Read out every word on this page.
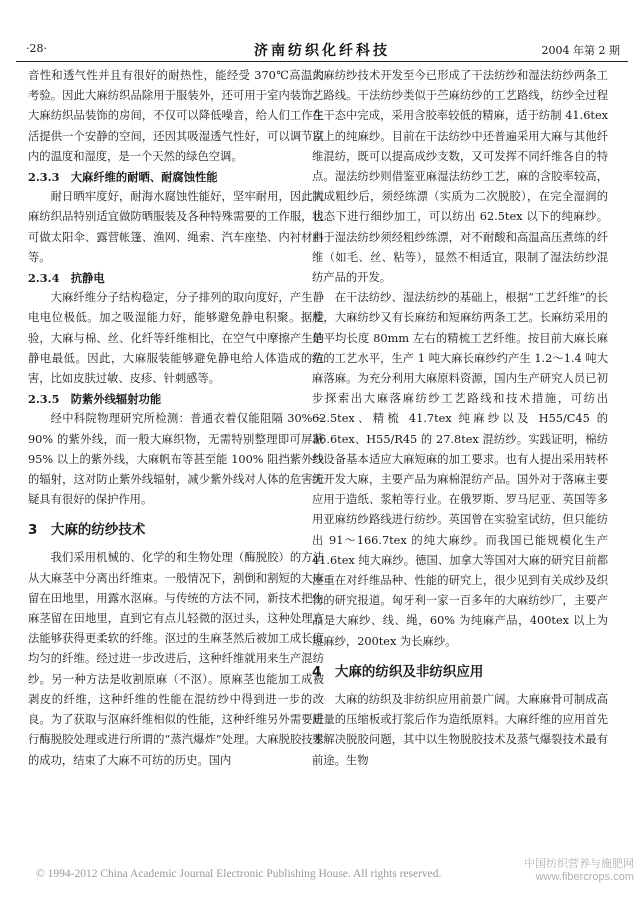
·28·	济南纺织化纤科技	2004 年第 2 期

音性和透气性并且有很好的耐热性，能经受 370℃高温的考验。因此大麻纺织品除用于服装外，还可用于室内装饰。大麻纺织品装饰的房间，不仅可以降低噪音，给人们工作生活提供一个安静的空间，还因其吸湿透气性好，可以调节室内的温度和湿度，是一个天然的绿色空调。

2.3.3　大麻纤维的耐晒、耐腐蚀性能

耐日晒牢度好，耐海水腐蚀性能好，坚牢耐用，因此大麻纺织品特别适宜做防晒服装及各种特殊需要的工作服，也可做太阳伞、露营帐篷、渔网、绳索、汽车座垫、内衬材料等。

2.3.4　抗静电

大麻纤维分子结构稳定，分子排列的取向度好，产生静电电位极低。加之吸湿能力好，能够避免静电积聚。据检验，大麻与棉、丝、化纤等纤维相比，在空气中摩擦产生的静电最低。因此，大麻服装能够避免静电给人体造成的危害，比如皮肤过敏、皮疹、针刺感等。

2.3.5　防紫外线辐射功能

经中科院物理研究所检测：普通衣着仅能阻隔 30%～90% 的紫外线，而一般大麻织物，无需特别整理即可屏蔽 95% 以上的紫外线，大麻帆布等甚至能 100% 阻挡紫外线的辐射，这对防止紫外线辐射，减少紫外线对人体的危害无疑具有很好的保护作用。

3　大麻的纺纱技术

我们采用机械的、化学的和生物处理（酶脱胶）的方法从大麻茎中分离出纤维束。一般情况下，割倒和割短的大麻留在田地里，用露水沤麻。与传统的方法不同，新技术把生麻茎留在田地里，直到它有点儿轻微的沤过头，这种处理方法能够获得更柔软的纤维。沤过的生麻茎然后被加工成长度均匀的纤维。经过进一步改进后，这种纤维就用来生产混纺纱。另一种方法是收割原麻（不沤）。原麻茎也能加工成被剥皮的纤维，这种纤维的性能在混纺纱中得到进一步的改良。为了获取与沤麻纤维相似的性能，这种纤维另外需要进行酶脱胶处理或进行所谓的“蒸汽爆炸”处理。大麻脱胶技术的成功，结束了大麻不可纺的历史。国内

大麻纺纱技术开发至今已形成了干法纺纱和湿法纺纱两条工艺路线。干法纺纱类似于苎麻纺纱的工艺路线，纺纱全过程在干态中完成，采用含胶率较低的精麻，适于纺制 41.6tex 以上的纯麻纱。目前在干法纺纱中还普遍采用大麻与其他纤维混纺，既可以提高成纱支数，又可发挥不同纤维各自的特点。湿法纺纱则借鉴亚麻湿法纺纱工艺，麻的含胶率较高，制成粗纱后，须经练漂（实质为二次脱胶），在完全湿润的状态下进行细纱加工，可以纺出 62.5tex 以下的纯麻纱。由于湿法纺纱须经粗纱练漂，对不耐酸和高温高压煮练的纤维（如毛、丝、粘等），显然不相适宜，限制了湿法纺纱混纺产品的开发。

在干法纺纱、湿法纺纱的基础上，根据“工艺纤维”的长度，大麻纺纱又有长麻纺和短麻纺两条工艺。长麻纺采用的是平均长度 80mm 左右的精梳工艺纤维。按目前大麻长麻纺的工艺水平，生产 1 吨大麻长麻纱约产生 1.2～1.4 吨大麻落麻。为充分利用大麻原料资源，国内生产研究人员已初步探索出大麻落麻纺纱工艺路线和技术措施，可纺出 62.5tex、精梳 41.7tex 纯麻纱以及 H55/C45 的 36.6tex、H55/R45 的 27.8tex 混纺纱。实践证明，棉纺纱设备基本适应大麻短麻的加工要求。也有人提出采用转杯纺开发大麻，主要产品为麻棉混纺产品。国外对于落麻主要应用于造纸、浆粕等行业。在俄罗斯、罗马尼亚、英国等多用亚麻纺纱路线进行纺纱。英国曾在实验室试纺，但只能纺出 91～166.7tex 的纯大麻纱。而我国已能规模化生产 41.6tex 纯大麻纱。德国、加拿大等国对大麻的研究目前都注重在对纤维品种、性能的研究上，很少见到有关成纱及织物的研究报道。匈牙利一家一百多年的大麻纺纱厂，主要产品是大麻纱、线、绳，60% 为纯麻产品，400tex 以上为短麻纱，200tex 为长麻纱。

4　大麻的纺织及非纺织应用

大麻的纺织及非纺织应用前景广阔。大麻麻骨可制成高质量的压缩板或打浆后作为造纸原料。大麻纤维的应用首先要解决脱胶问题，其中以生物脱胶技术及蒸气爆裂技术最有前途。生物

© 1994-2012 China Academic Journal Electronic Publishing House. All rights reserved.
中国纺织营养与施肥网
www.fibercrops.com
